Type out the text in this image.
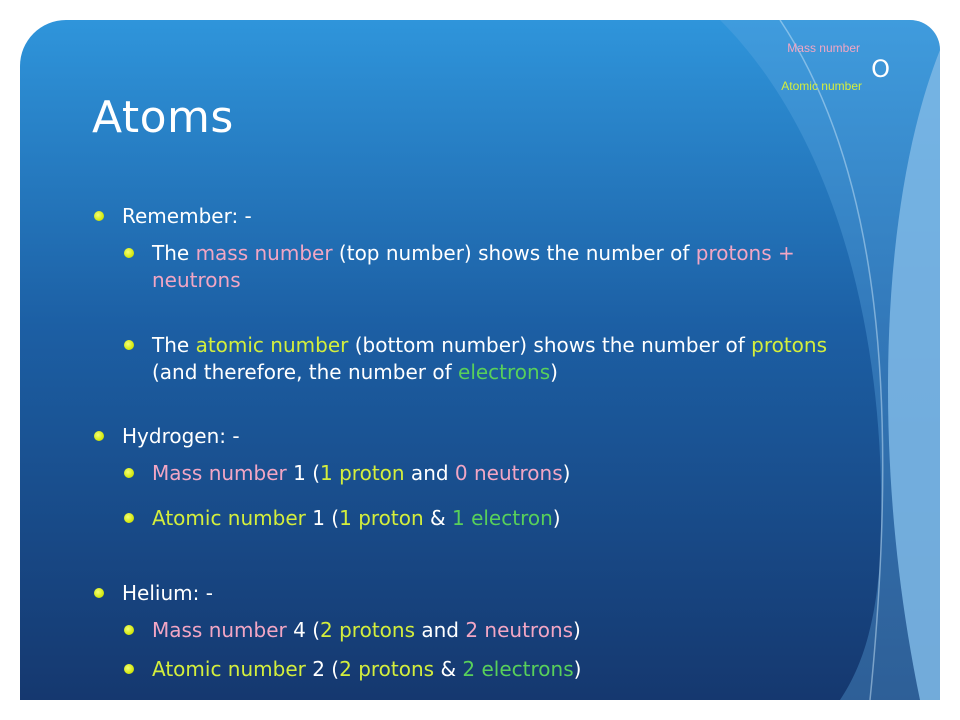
Mass number
O
Atomic number
Atoms

Remember: -

The mass number (top number) shows the number of protons + neutrons

The atomic number (bottom number) shows the number of protons (and therefore, the number of electrons)

Hydrogen: -

Mass number 1 (1 proton and 0 neutrons)

Atomic number 1 (1 proton & 1 electron)

Helium: -

Mass number 4 (2 protons and 2 neutrons)

Atomic number 2 (2 protons & 2 electrons)
